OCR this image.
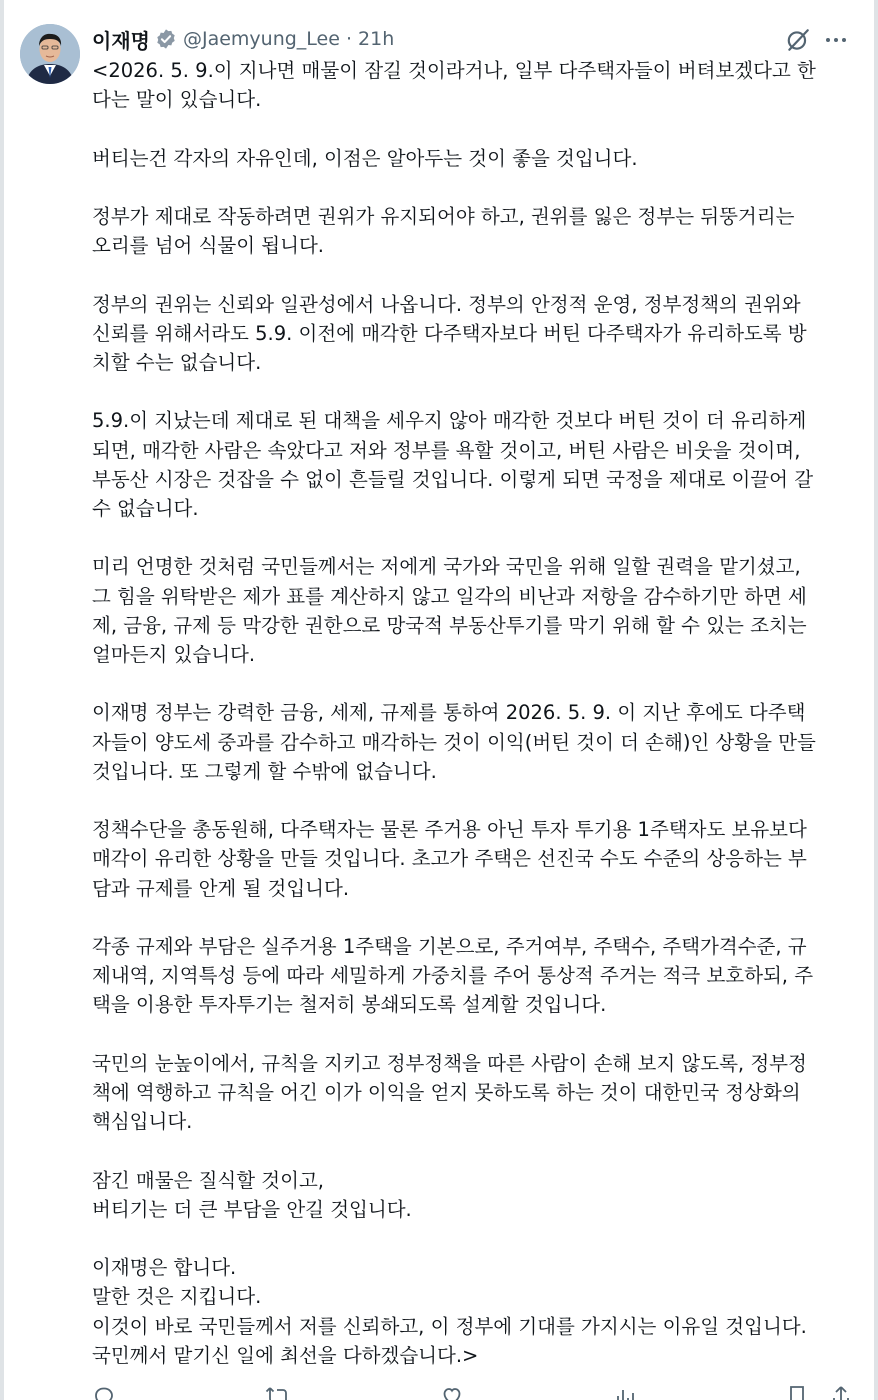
이재명 @Jaemyung_Lee · 21h
<2026. 5. 9.이 지나면 매물이 잠길 것이라거나, 일부 다주택자들이 버텨보겠다고 한
다는 말이 있습니다.
버티는건 각자의 자유인데, 이점은 알아두는 것이 좋을 것입니다.
정부가 제대로 작동하려면 권위가 유지되어야 하고, 권위를 잃은 정부는 뒤뚱거리는
오리를 넘어 식물이 됩니다.
정부의 권위는 신뢰와 일관성에서 나옵니다. 정부의 안정적 운영, 정부정책의 권위와
신뢰를 위해서라도 5.9. 이전에 매각한 다주택자보다 버틴 다주택자가 유리하도록 방
치할 수는 없습니다.
5.9.이 지났는데 제대로 된 대책을 세우지 않아 매각한 것보다 버틴 것이 더 유리하게
되면, 매각한 사람은 속았다고 저와 정부를 욕할 것이고, 버틴 사람은 비웃을 것이며,
부동산 시장은 것잡을 수 없이 흔들릴 것입니다. 이렇게 되면 국정을 제대로 이끌어 갈
수 없습니다.
미리 언명한 것처럼 국민들께서는 저에게 국가와 국민을 위해 일할 권력을 맡기셨고,
그 힘을 위탁받은 제가 표를 계산하지 않고 일각의 비난과 저항을 감수하기만 하면 세
제, 금융, 규제 등 막강한 권한으로 망국적 부동산투기를 막기 위해 할 수 있는 조치는
얼마든지 있습니다.
이재명 정부는 강력한 금융, 세제, 규제를 통하여 2026. 5. 9. 이 지난 후에도 다주택
자들이 양도세 중과를 감수하고 매각하는 것이 이익(버틴 것이 더 손해)인 상황을 만들
것입니다. 또 그렇게 할 수밖에 없습니다.
정책수단을 총동원해, 다주택자는 물론 주거용 아닌 투자 투기용 1주택자도 보유보다
매각이 유리한 상황을 만들 것입니다. 초고가 주택은 선진국 수도 수준의 상응하는 부
담과 규제를 안게 될 것입니다.
각종 규제와 부담은 실주거용 1주택을 기본으로, 주거여부, 주택수, 주택가격수준, 규
제내역, 지역특성 등에 따라 세밀하게 가중치를 주어 통상적 주거는 적극 보호하되, 주
택을 이용한 투자투기는 철저히 봉쇄되도록 설계할 것입니다.
국민의 눈높이에서, 규칙을 지키고 정부정책을 따른 사람이 손해 보지 않도록, 정부정
책에 역행하고 규칙을 어긴 이가 이익을 얻지 못하도록 하는 것이 대한민국 정상화의
핵심입니다.
잠긴 매물은 질식할 것이고,
버티기는 더 큰 부담을 안길 것입니다.
이재명은 합니다.
말한 것은 지킵니다.
이것이 바로 국민들께서 저를 신뢰하고, 이 정부에 기대를 가지시는 이유일 것입니다.
국민께서 맡기신 일에 최선을 다하겠습니다.>
